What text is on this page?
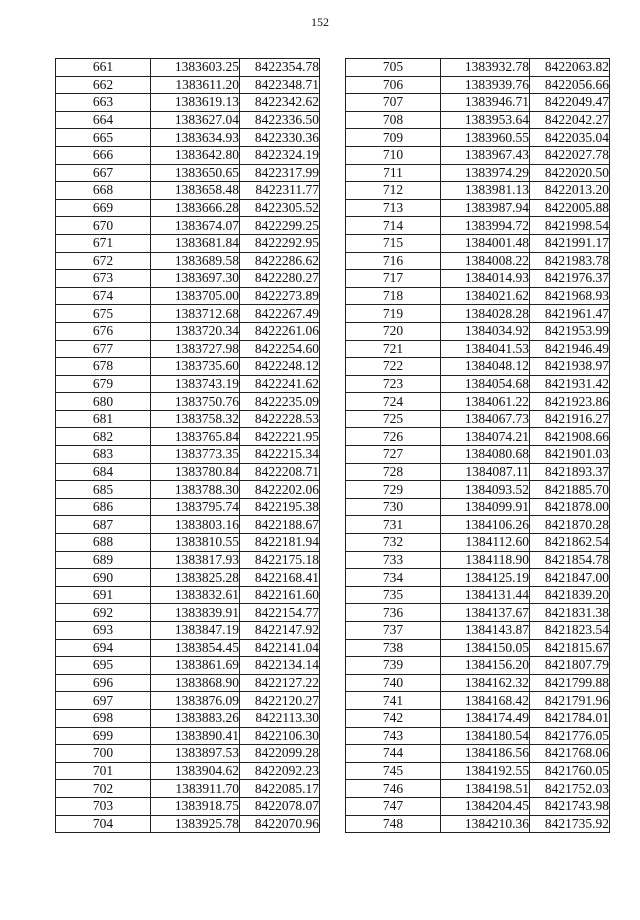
152
661	1383603.25	8422354.78
662	1383611.20	8422348.71
663	1383619.13	8422342.62
664	1383627.04	8422336.50
665	1383634.93	8422330.36
666	1383642.80	8422324.19
667	1383650.65	8422317.99
668	1383658.48	8422311.77
669	1383666.28	8422305.52
670	1383674.07	8422299.25
671	1383681.84	8422292.95
672	1383689.58	8422286.62
673	1383697.30	8422280.27
674	1383705.00	8422273.89
675	1383712.68	8422267.49
676	1383720.34	8422261.06
677	1383727.98	8422254.60
678	1383735.60	8422248.12
679	1383743.19	8422241.62
680	1383750.76	8422235.09
681	1383758.32	8422228.53
682	1383765.84	8422221.95
683	1383773.35	8422215.34
684	1383780.84	8422208.71
685	1383788.30	8422202.06
686	1383795.74	8422195.38
687	1383803.16	8422188.67
688	1383810.55	8422181.94
689	1383817.93	8422175.18
690	1383825.28	8422168.41
691	1383832.61	8422161.60
692	1383839.91	8422154.77
693	1383847.19	8422147.92
694	1383854.45	8422141.04
695	1383861.69	8422134.14
696	1383868.90	8422127.22
697	1383876.09	8422120.27
698	1383883.26	8422113.30
699	1383890.41	8422106.30
700	1383897.53	8422099.28
701	1383904.62	8422092.23
702	1383911.70	8422085.17
703	1383918.75	8422078.07
704	1383925.78	8422070.96
705	1383932.78	8422063.82
706	1383939.76	8422056.66
707	1383946.71	8422049.47
708	1383953.64	8422042.27
709	1383960.55	8422035.04
710	1383967.43	8422027.78
711	1383974.29	8422020.50
712	1383981.13	8422013.20
713	1383987.94	8422005.88
714	1383994.72	8421998.54
715	1384001.48	8421991.17
716	1384008.22	8421983.78
717	1384014.93	8421976.37
718	1384021.62	8421968.93
719	1384028.28	8421961.47
720	1384034.92	8421953.99
721	1384041.53	8421946.49
722	1384048.12	8421938.97
723	1384054.68	8421931.42
724	1384061.22	8421923.86
725	1384067.73	8421916.27
726	1384074.21	8421908.66
727	1384080.68	8421901.03
728	1384087.11	8421893.37
729	1384093.52	8421885.70
730	1384099.91	8421878.00
731	1384106.26	8421870.28
732	1384112.60	8421862.54
733	1384118.90	8421854.78
734	1384125.19	8421847.00
735	1384131.44	8421839.20
736	1384137.67	8421831.38
737	1384143.87	8421823.54
738	1384150.05	8421815.67
739	1384156.20	8421807.79
740	1384162.32	8421799.88
741	1384168.42	8421791.96
742	1384174.49	8421784.01
743	1384180.54	8421776.05
744	1384186.56	8421768.06
745	1384192.55	8421760.05
746	1384198.51	8421752.03
747	1384204.45	8421743.98
748	1384210.36	8421735.92
